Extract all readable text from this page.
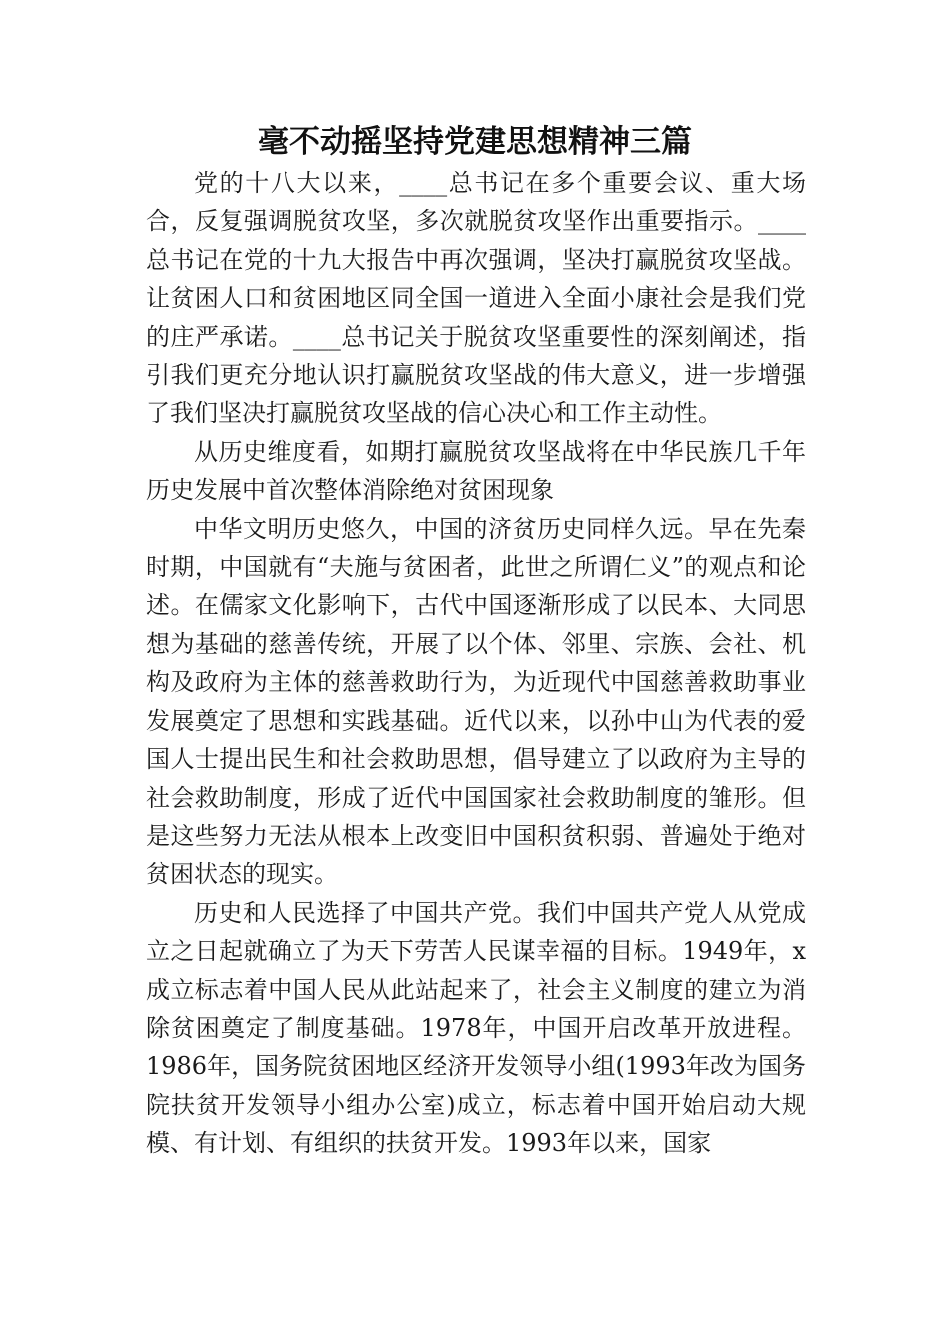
毫不动摇坚持党建思想精神三篇

党的十八大以来，____总书记在多个重要会议、重大场合，反复强调脱贫攻坚，多次就脱贫攻坚作出重要指示。____总书记在党的十九大报告中再次强调，坚决打赢脱贫攻坚战。让贫困人口和贫困地区同全国一道进入全面小康社会是我们党的庄严承诺。____总书记关于脱贫攻坚重要性的深刻阐述，指引我们更充分地认识打赢脱贫攻坚战的伟大意义，进一步增强了我们坚决打赢脱贫攻坚战的信心决心和工作主动性。

从历史维度看，如期打赢脱贫攻坚战将在中华民族几千年历史发展中首次整体消除绝对贫困现象

中华文明历史悠久，中国的济贫历史同样久远。早在先秦时期，中国就有“夫施与贫困者，此世之所谓仁义”的观点和论述。在儒家文化影响下，古代中国逐渐形成了以民本、大同思想为基础的慈善传统，开展了以个体、邻里、宗族、会社、机构及政府为主体的慈善救助行为，为近现代中国慈善救助事业发展奠定了思想和实践基础。近代以来，以孙中山为代表的爱国人士提出民生和社会救助思想，倡导建立了以政府为主导的社会救助制度，形成了近代中国国家社会救助制度的雏形。但是这些努力无法从根本上改变旧中国积贫积弱、普遍处于绝对贫困状态的现实。

历史和人民选择了中国共产党。我们中国共产党人从党成立之日起就确立了为天下劳苦人民谋幸福的目标。1949年，x成立标志着中国人民从此站起来了，社会主义制度的建立为消除贫困奠定了制度基础。1978年，中国开启改革开放进程。1986年，国务院贫困地区经济开发领导小组(1993年改为国务院扶贫开发领导小组办公室)成立，标志着中国开始启动大规模、有计划、有组织的扶贫开发。1993年以来，国家
